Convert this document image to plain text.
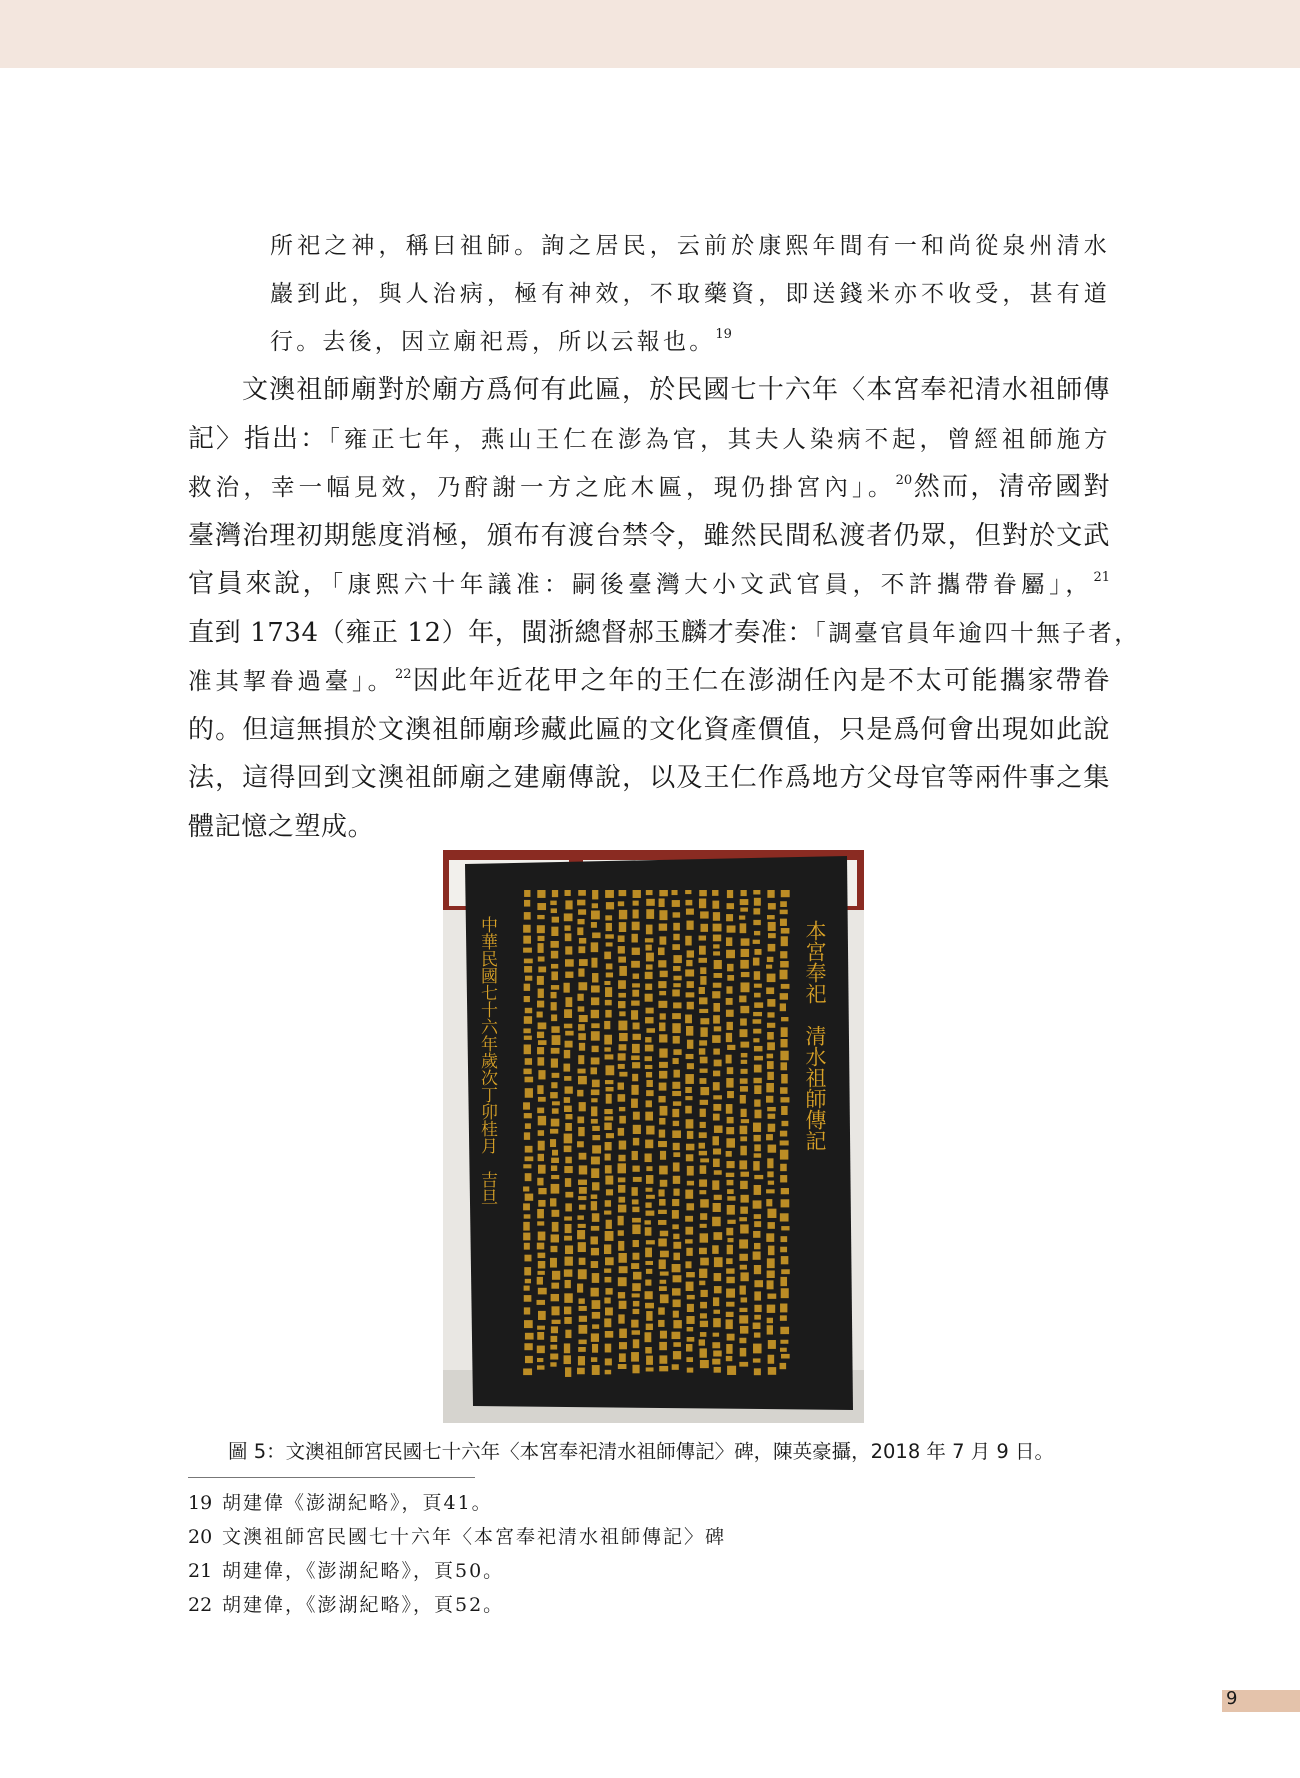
所祀之神，稱曰祖師。詢之居民，云前於康熙年間有一和尚從泉州清水

巖到此，與人治病，極有神效，不取藥資，即送錢米亦不收受，甚有道

行。去後，因立廟祀焉，所以云報也。$^{19}$

文澳祖師廟對於廟方爲何有此匾，於民國七十六年〈本宮奉祀清水祖師傳

記〉指出：「雍正七年，燕山王仁在澎為官，其夫人染病不起，曾經祖師施方

救治，幸一幅見效，乃酧謝一方之庇木匾，現仍掛宮內」。$^{20}$然而，清帝國對

臺灣治理初期態度消極，頒布有渡台禁令，雖然民間私渡者仍眾，但對於文武

官員來說，「康熙六十年議准：嗣後臺灣大小文武官員，不許攜帶眷屬」，$^{21}$

直到 1734（雍正 12）年，閩浙總督郝玉麟才奏准：「調臺官員年逾四十無子者，

准其挈眷過臺」。$^{22}$因此年近花甲之年的王仁在澎湖任內是不太可能攜家帶眷

的。但這無損於文澳祖師廟珍藏此匾的文化資產價值，只是爲何會出現如此說

法，這得回到文澳祖師廟之建廟傳說，以及王仁作爲地方父母官等兩件事之集

體記憶之塑成。

本宮奉祀　清水祖師傳記
中華民國七十六年歲次丁卯桂月　吉旦
圖 5：文澳祖師宮民國七十六年〈本宮奉祀清水祖師傳記〉碑，陳英豪攝，2018 年 7 月 9 日。

19 胡建偉《澎湖紀略》，頁41。

20 文澳祖師宮民國七十六年〈本宮奉祀清水祖師傳記〉碑

21 胡建偉，《澎湖紀略》，頁50。

22 胡建偉，《澎湖紀略》，頁52。

9
